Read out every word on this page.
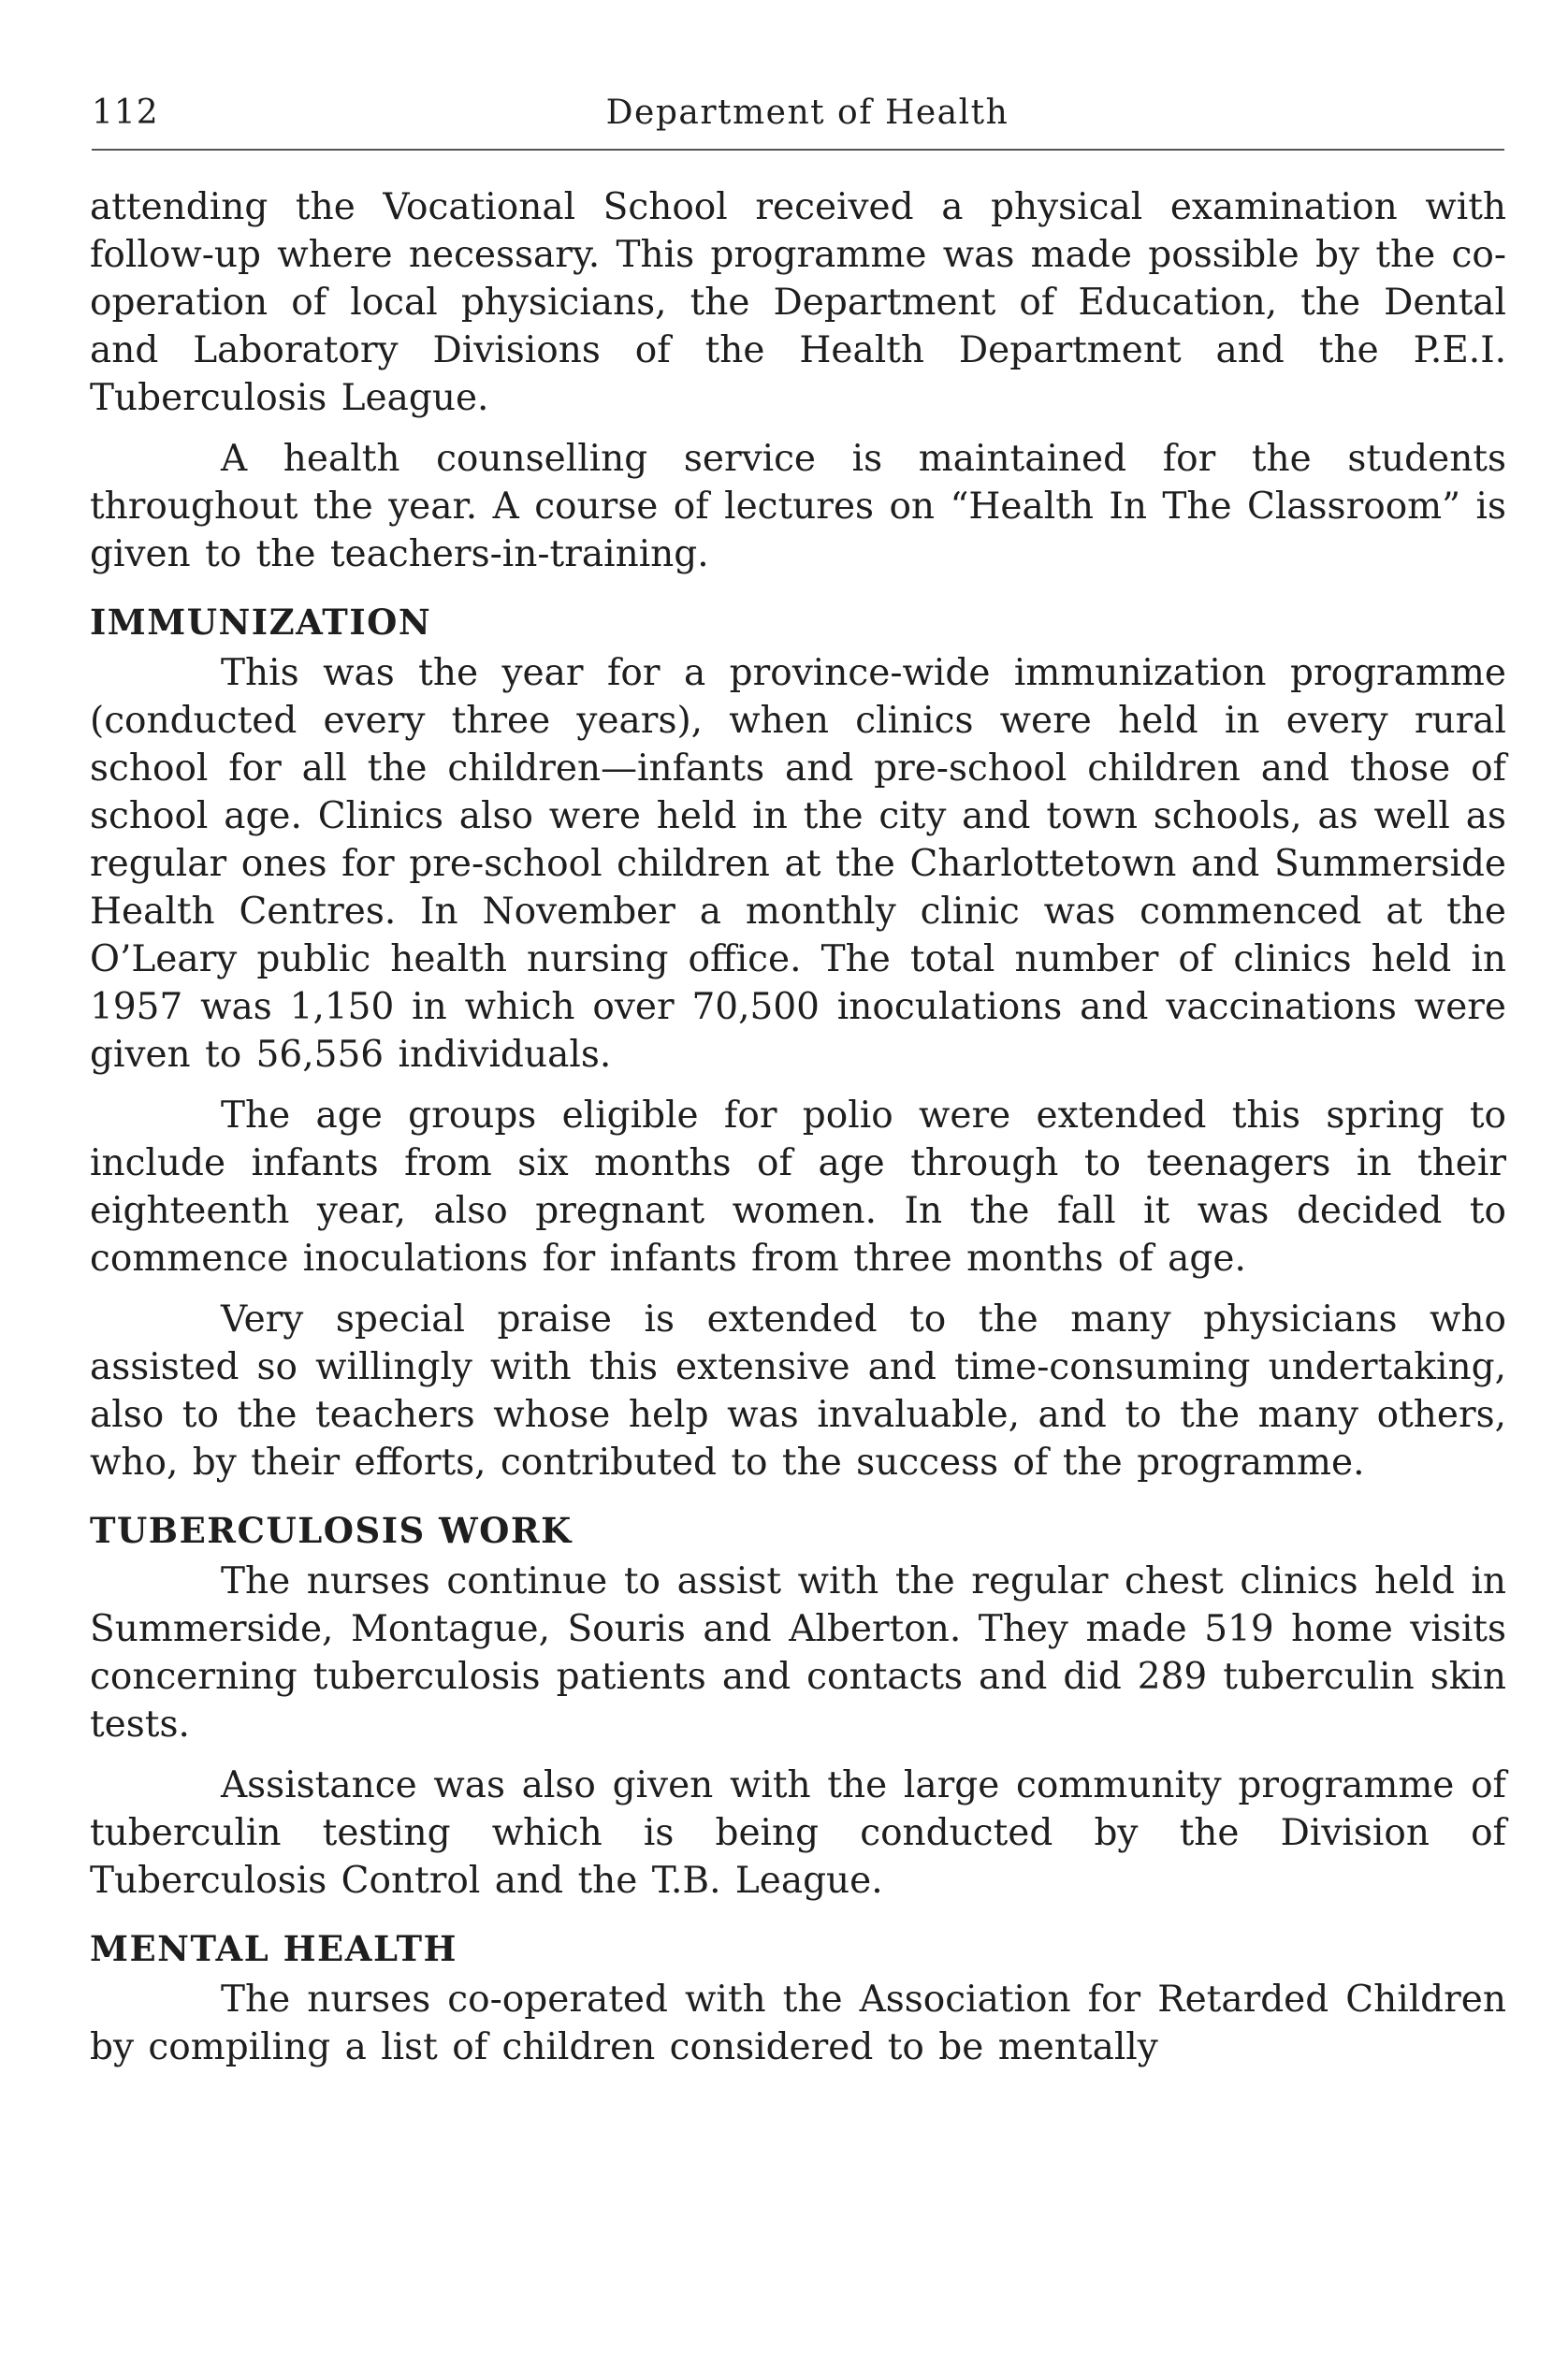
112	Department of Health

attending the Vocational School received a physical examination with follow-up where necessary. This programme was made possible by the co-operation of local physicians, the Department of Education, the Dental and Laboratory Divisions of the Health Department and the P.E.I. Tuberculosis League.

A health counselling service is maintained for the students throughout the year. A course of lectures on “Health In The Classroom” is given to the teachers-in-training.

IMMUNIZATION

This was the year for a province-wide immunization programme (conducted every three years), when clinics were held in every rural school for all the children—infants and pre-school children and those of school age. Clinics also were held in the city and town schools, as well as regular ones for pre-school children at the Charlottetown and Summerside Health Centres. In November a monthly clinic was commenced at the O’Leary public health nursing office. The total number of clinics held in 1957 was 1,150 in which over 70,500 inoculations and vaccinations were given to 56,556 individuals.

The age groups eligible for polio were extended this spring to include infants from six months of age through to teenagers in their eighteenth year, also pregnant women. In the fall it was decided to commence inoculations for infants from three months of age.

Very special praise is extended to the many physicians who assisted so willingly with this extensive and time-consuming undertaking, also to the teachers whose help was invaluable, and to the many others, who, by their efforts, contributed to the success of the programme.

TUBERCULOSIS WORK

The nurses continue to assist with the regular chest clinics held in Summerside, Montague, Souris and Alberton. They made 519 home visits concerning tuberculosis patients and contacts and did 289 tuberculin skin tests.

Assistance was also given with the large community programme of tuberculin testing which is being conducted by the Division of Tuberculosis Control and the T.B. League.

MENTAL HEALTH

The nurses co-operated with the Association for Retarded Children by compiling a list of children considered to be mentally
